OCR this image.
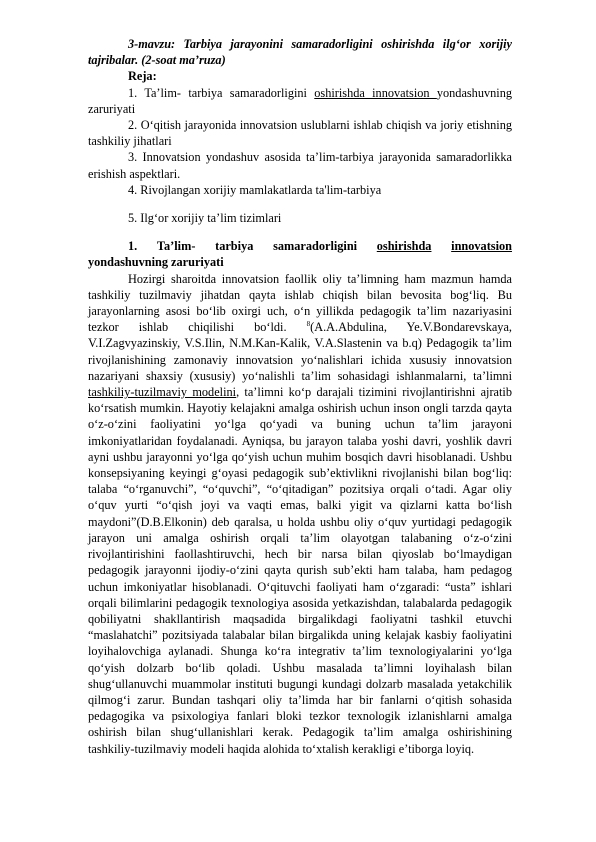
3-mavzu: Tarbiya jarayonini samaradorligini oshirishda ilg‘or xorijiy tajribalar. (2-soat ma’ruza)

Reja:

1. Ta’lim- tarbiya samaradorligini oshirishda innovatsion yondashuvning zaruriyati

2. O‘qitish jarayonida innovatsion uslublarni ishlab chiqish va joriy etishning tashkiliy jihatlari

3. Innovatsion yondashuv asosida ta’lim-tarbiya jarayonida samaradorlikka erishish aspektlari.

4. Rivojlangan xorijiy mamlakatlarda ta'lim-tarbiya

5. Ilg‘or xorijiy ta’lim tizimlari

1. Ta’lim- tarbiya samaradorligini oshirishda innovatsion

yondashuvning zaruriyati

Hozirgi sharoitda innovatsion faollik oliy ta’limning ham mazmun hamda tashkiliy tuzilmaviy jihatdan qayta ishlab chiqish bilan bevosita bog‘liq. Bu jarayonlarning asosi bo‘lib oxirgi uch, o‘n yillikda pedagogik ta’lim nazariyasini tezkor ishlab chiqilishi bo‘ldi. $^8$(A.A.Abdulina, Ye.V.Bondarevskaya, V.I.Zagvyazinskiy, V.S.Ilin, N.M.Kan-Kalik, V.A.Slastenin va b.q) Pedagogik ta’lim rivojlanishining zamonaviy innovatsion yo‘nalishlari ichida xususiy innovatsion nazariyani shaxsiy (xususiy) yo‘nalishli ta’lim sohasidagi ishlanmalarni, ta’limni tashkiliy-tuzilmaviy modelini, ta’limni ko‘p darajali tizimini rivojlantirishni ajratib ko‘rsatish mumkin. Hayotiy kelajakni amalga oshirish uchun inson ongli tarzda qayta o‘z-o‘zini faoliyatini yo‘lga qo‘yadi va buning uchun ta’lim jarayoni imkoniyatlaridan foydalanadi. Ayniqsa, bu jarayon talaba yoshi davri, yoshlik davri ayni ushbu jarayonni yo‘lga qo‘yish uchun muhim bosqich davri hisoblanadi. Ushbu konsepsiyaning keyingi g‘oyasi pedagogik sub’ektivlikni rivojlanishi bilan bog‘liq: talaba “o‘rganuvchi”, “o‘quvchi”, “o‘qitadigan” pozitsiya orqali o‘tadi. Agar oliy o‘quv yurti “o‘qish joyi va vaqti emas, balki yigit va qizlarni katta bo‘lish maydoni”(D.B.Elkonin) deb qaralsa, u holda ushbu oliy o‘quv yurtidagi pedagogik jarayon uni amalga oshirish orqali ta’lim olayotgan talabaning o‘z-o‘zini rivojlantirishini faollashtiruvchi, hech bir narsa bilan qiyoslab bo‘lmaydigan pedagogik jarayonni ijodiy-o‘zini qayta qurish sub’ekti ham talaba, ham pedagog uchun imkoniyatlar hisoblanadi. O‘qituvchi faoliyati ham o‘zgaradi: “usta” ishlari orqali bilimlarini pedagogik texnologiya asosida yetkazishdan, talabalarda pedagogik qobiliyatni shakllantirish maqsadida birgalikdagi faoliyatni tashkil etuvchi “maslahatchi” pozitsiyada talabalar bilan birgalikda uning kelajak kasbiy faoliyatini loyihalovchiga aylanadi. Shunga ko‘ra integrativ ta’lim texnologiyalarini yo‘lga qo‘yish dolzarb bo‘lib qoladi. Ushbu masalada ta’limni loyihalash bilan shug‘ullanuvchi muammolar instituti bugungi kundagi dolzarb masalada yetakchilik qilmog‘i zarur. Bundan tashqari oliy ta’limda har bir fanlarni o‘qitish sohasida pedagogika va psixologiya fanlari bloki tezkor texnologik izlanishlarni amalga oshirish bilan shug‘ullanishlari kerak. Pedagogik ta’lim amalga oshirishining tashkiliy-tuzilmaviy modeli haqida alohida to‘xtalish kerakligi e’tiborga loyiq.
